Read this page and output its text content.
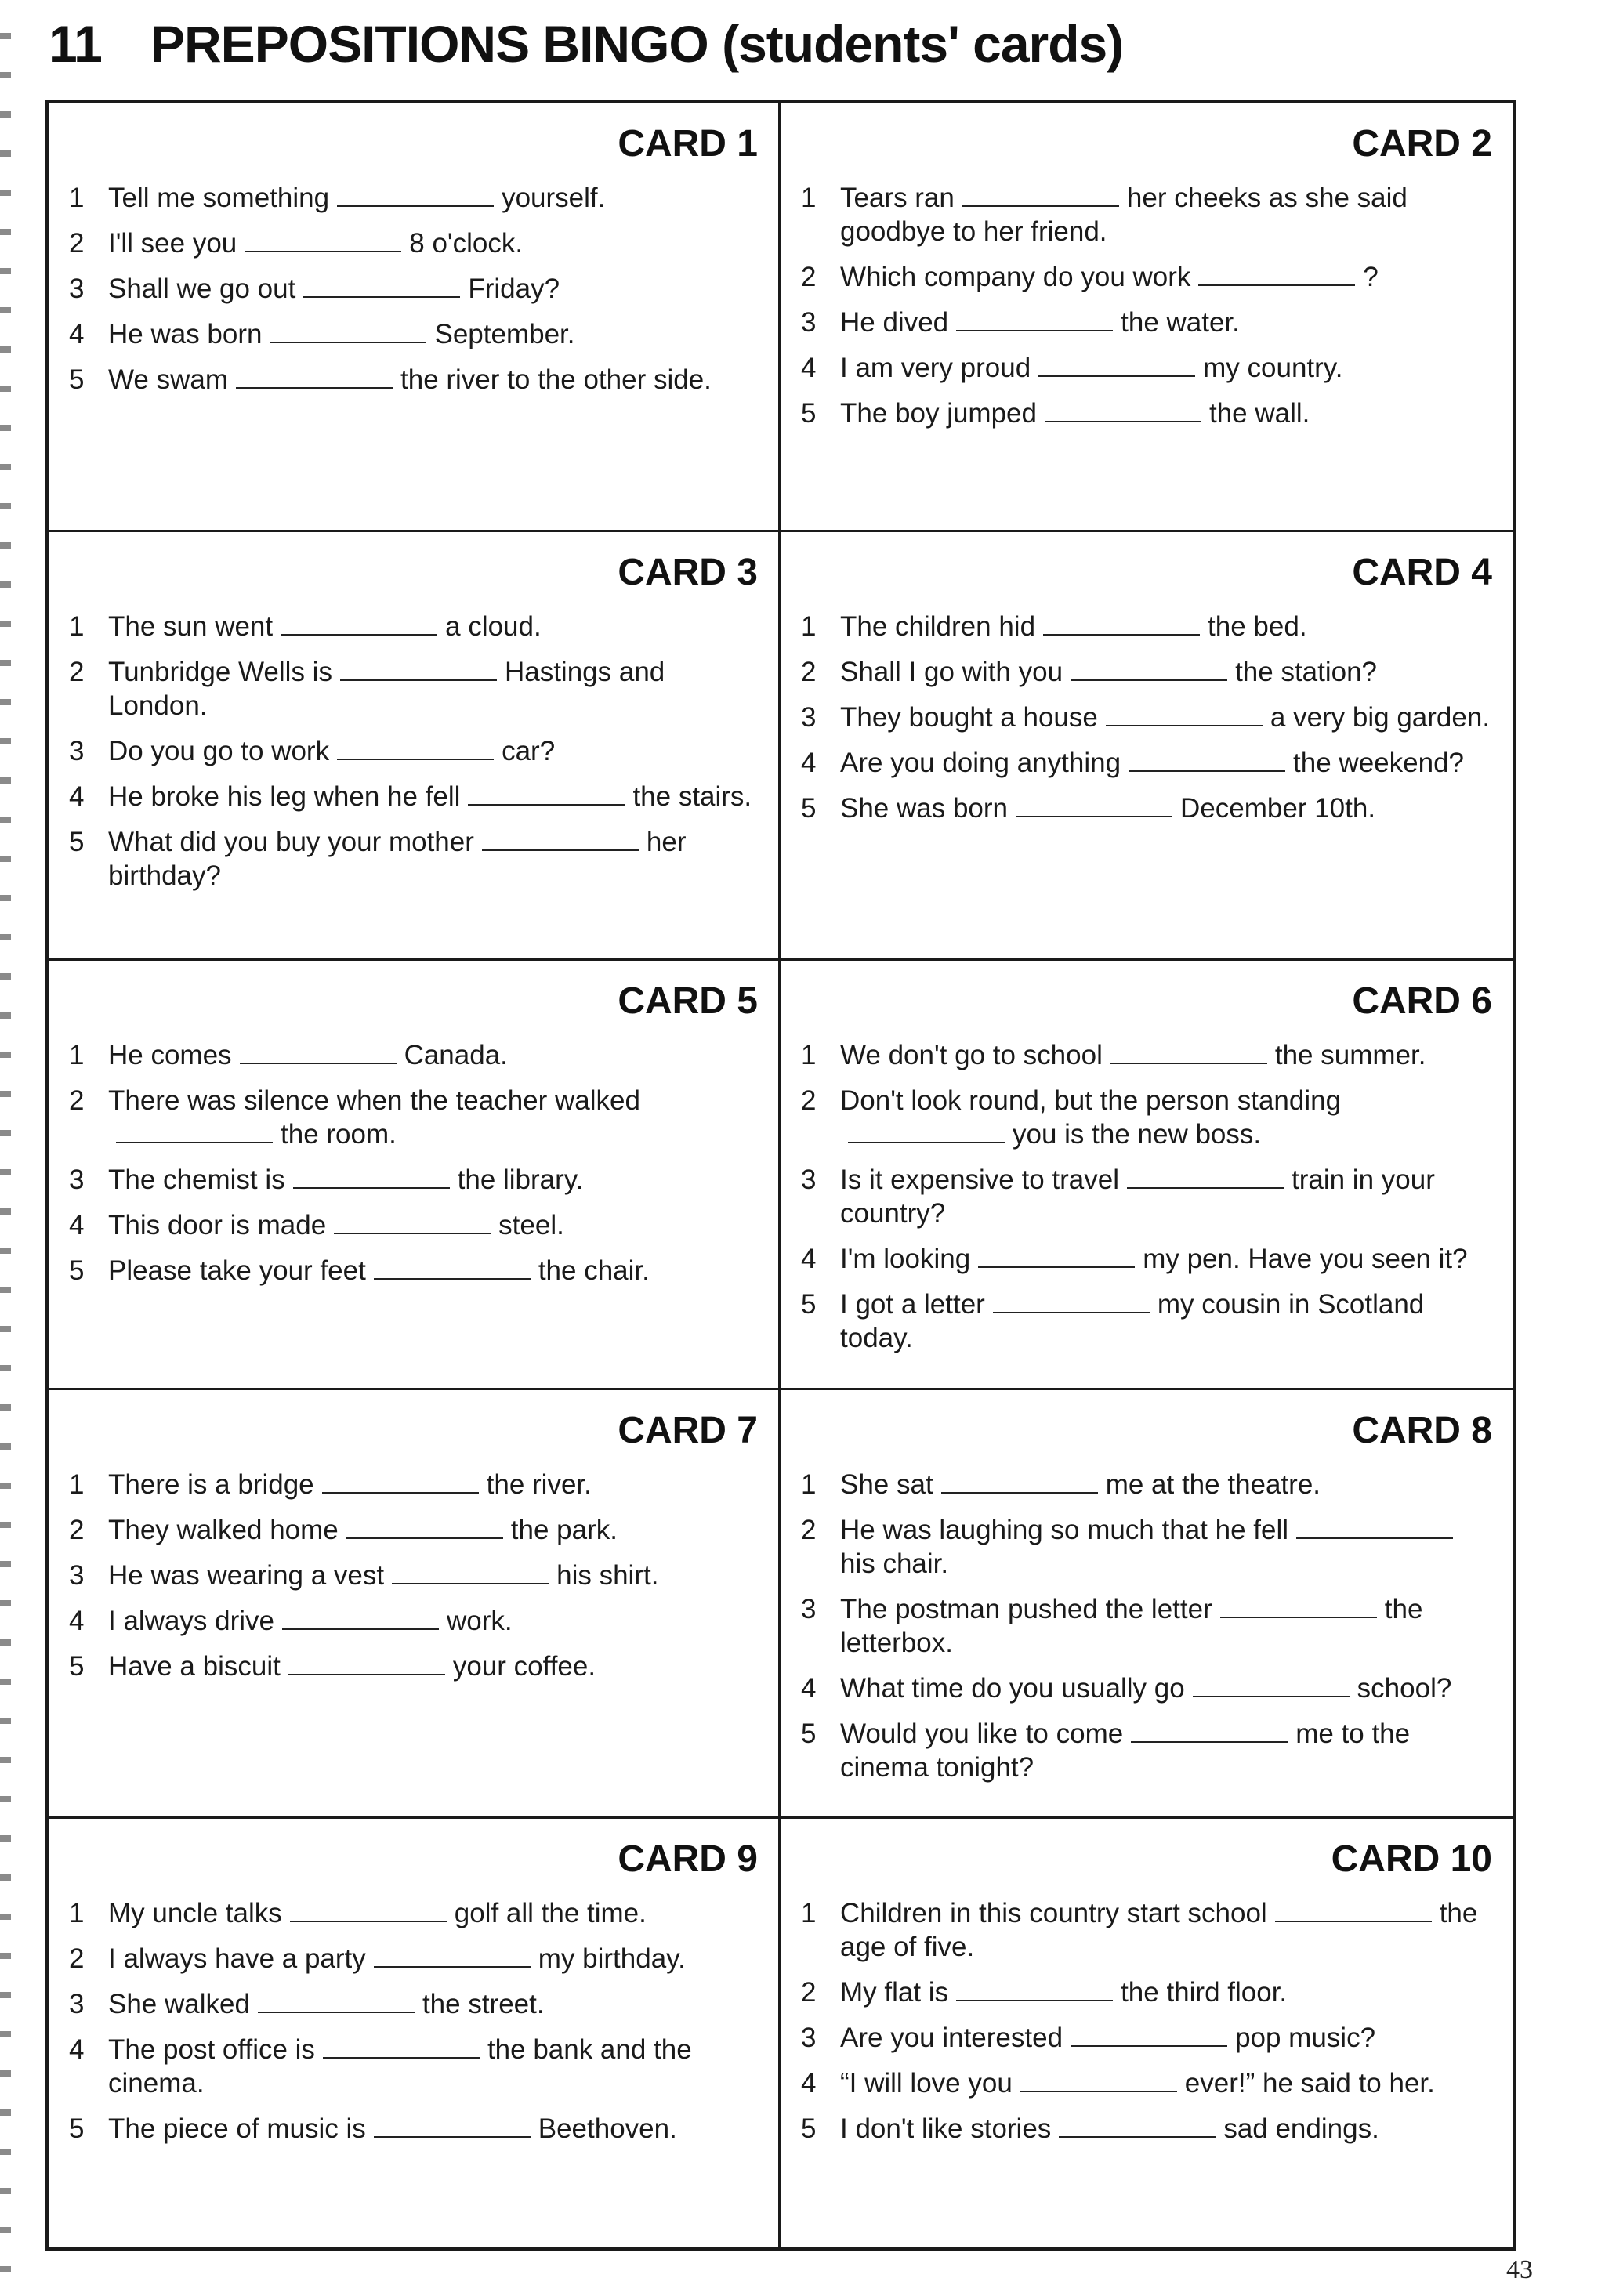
11 PREPOSITIONS BINGO (students' cards)
CARD 1
1 Tell me something	yourself.
2 I'll see you	8 o'clock.
3 Shall we go out	Friday?
4 He was born	September.
5 We swam	the river to the other side.
CARD 2
1 Tears ran	her cheeks as she said goodbye to her friend.
2 Which company do you work	?
3 He dived	the water.
4 I am very proud	my country.
5 The boy jumped	the wall.
CARD 3
1 The sun went	a cloud.
2 Tunbridge Wells is	Hastings and London.
3 Do you go to work	car?
4 He broke his leg when he fell	the stairs.
5 What did you buy your mother	her birthday?
CARD 4
1 The children hid	the bed.
2 Shall I go with you	the station?
3 They bought a house	a very big garden.
4 Are you doing anything	the weekend?
5 She was born	December 10th.
CARD 5
1 He comes	Canada.
2 There was silence when the teacher walkedthe room.
3 The chemist is	the library.
4 This door is made	steel.
5 Please take your feet	the chair.
CARD 6
1 We don't go to school	the summer.
2 Don't look round, but the person standingyou is the new boss.
3 Is it expensive to travel	train in your country?
4 I'm looking	my pen. Have you seen it?
5 I got a letter	my cousin in Scotland today.
CARD 7
1 There is a bridge	the river.
2 They walked home	the park.
3 He was wearing a vest	his shirt.
4 I always drive	work.
5 Have a biscuit	your coffee.
CARD 8
1 She sat	me at the theatre.
2 He was laughing so much that he fellhis chair.
3 The postman pushed the letter	the letterbox.
4 What time do you usually go	school?
5 Would you like to come	me to the cinema tonight?
CARD 9
1 My uncle talks	golf all the time.
2 I always have a party	my birthday.
3 She walked	the street.
4 The post office is	the bank and the cinema.
5 The piece of music is	Beethoven.
CARD 10
1 Children in this country start school	the age of five.
2 My flat is	the third floor.
3 Are you interested	pop music?
4 “I will love you	ever!” he said to her.
5 I don't like stories	sad endings.
43
